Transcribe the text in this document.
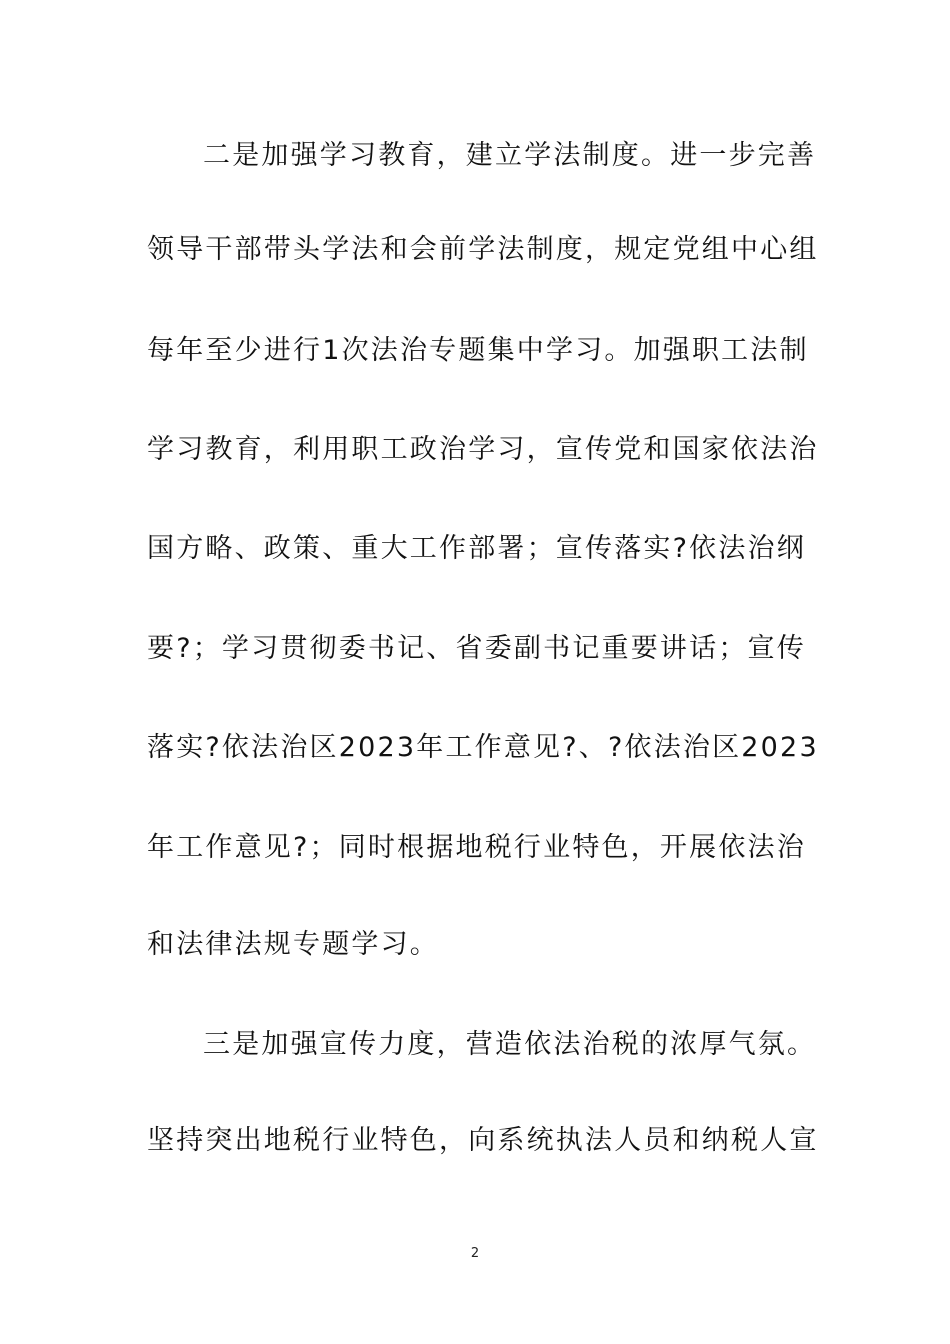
二是加强学习教育，建立学法制度。进一步完善
领导干部带头学法和会前学法制度，规定党组中心组
每年至少进行1次法治专题集中学习。加强职工法制
学习教育，利用职工政治学习，宣传党和国家依法治
国方略、政策、重大工作部署；宣传落实?依法治纲
要?；学习贯彻委书记、省委副书记重要讲话；宣传
落实?依法治区2023年工作意见?、?依法治区2023
年工作意见?；同时根据地税行业特色，开展依法治
和法律法规专题学习。
三是加强宣传力度，营造依法治税的浓厚气氛。
坚持突出地税行业特色，向系统执法人员和纳税人宣
2
